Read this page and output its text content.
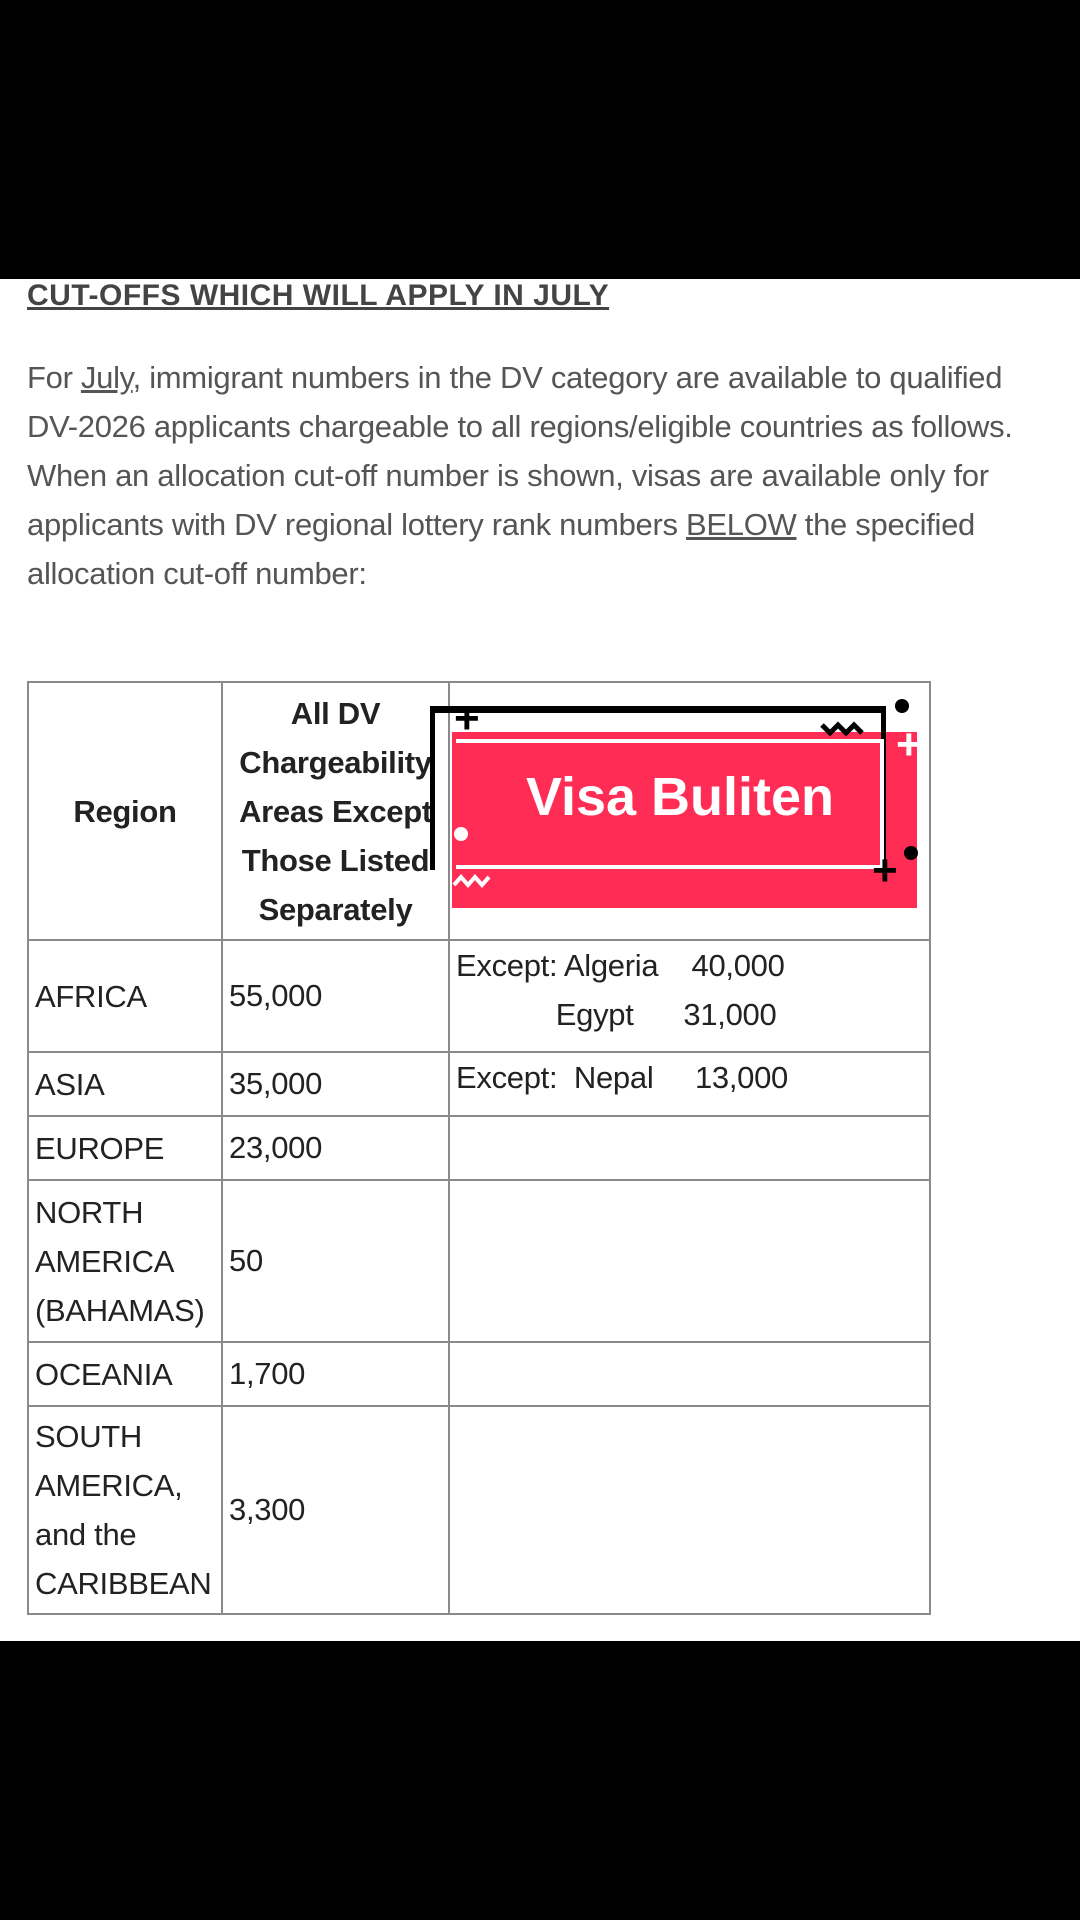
CUT-OFFS WHICH WILL APPLY IN JULY
For July, immigrant numbers in the DV category are available to qualified DV-2026 applicants chargeable to all regions/eligible countries as follows. When an allocation cut-off number is shown, visas are available only for applicants with DV regional lottery rank numbers BELOW the specified allocation cut-off number:
Region	All DV
Chargeability
Areas Except
Those Listed
Separately	

AFRICA	55,000	Except: Algeria    40,000
Egypt      31,000

ASIA	35,000	Except:  Nepal     13,000

EUROPE	23,000	

NORTH
AMERICA
(BAHAMAS)	50	

OCEANIA	1,700	

SOUTH
AMERICA,
and the
CARIBBEAN	3,300	
Visa Buliten
+
+
+
